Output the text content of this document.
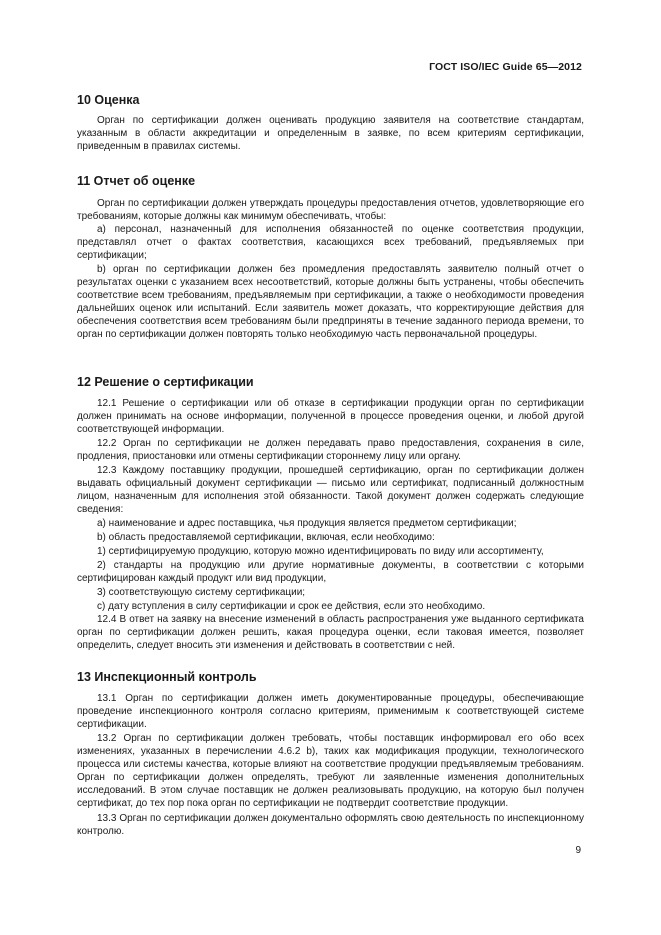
ГОСТ ISO/IEC Guide 65—2012
10 Оценка
Орган по сертификации должен оценивать продукцию заявителя на соответствие стандартам, указанным в области аккредитации и определенным в заявке, по всем критериям сертификации, приведенным в правилах системы.
11 Отчет об оценке
Орган по сертификации должен утверждать процедуры предоставления отчетов, удовлетворяющие его требованиям, которые должны как минимум обеспечивать, чтобы:
а) персонал, назначенный для исполнения обязанностей по оценке соответствия продукции, представлял отчет о фактах соответствия, касающихся всех требований, предъявляемых при сертификации;
b) орган по сертификации должен без промедления предоставлять заявителю полный отчет о результатах оценки с указанием всех несоответствий, которые должны быть устранены, чтобы обеспечить соответствие всем требованиям, предъявляемым при сертификации, а также о необходимости проведения дальнейших оценок или испытаний. Если заявитель может доказать, что корректирующие действия для обеспечения соответствия всем требованиям были предприняты в течение заданного периода времени, то орган по сертификации должен повторять только необходимую часть первоначальной процедуры.
12 Решение о сертификации
12.1 Решение о сертификации или об отказе в сертификации продукции орган по сертификации должен принимать на основе информации, полученной в процессе проведения оценки, и любой другой соответствующей информации.
12.2 Орган по сертификации не должен передавать право предоставления, сохранения в силе, продления, приостановки или отмены сертификации стороннему лицу или органу.
12.3 Каждому поставщику продукции, прошедшей сертификацию, орган по сертификации должен выдавать официальный документ сертификации — письмо или сертификат, подписанный должностным лицом, назначенным для исполнения этой обязанности. Такой документ должен содержать следующие сведения:
а) наименование и адрес поставщика, чья продукция является предметом сертификации;
b) область предоставляемой сертификации, включая, если необходимо:
1) сертифицируемую продукцию, которую можно идентифицировать по виду или ассортименту,
2) стандарты на продукцию или другие нормативные документы, в соответствии с которыми сертифицирован каждый продукт или вид продукции,
3) соответствующую систему сертификации;
с) дату вступления в силу сертификации и срок ее действия, если это необходимо.
12.4 В ответ на заявку на внесение изменений в область распространения уже выданного сертификата орган по сертификации должен решить, какая процедура оценки, если таковая имеется, позволяет определить, следует вносить эти изменения и действовать в соответствии с ней.
13 Инспекционный контроль
13.1 Орган по сертификации должен иметь документированные процедуры, обеспечивающие проведение инспекционного контроля согласно критериям, применимым к соответствующей системе сертификации.
13.2 Орган по сертификации должен требовать, чтобы поставщик информировал его обо всех изменениях, указанных в перечислении 4.6.2 b), таких как модификация продукции, технологического процесса или системы качества, которые влияют на соответствие продукции предъявляемым требованиям. Орган по сертификации должен определять, требуют ли заявленные изменения дополнительных исследований. В этом случае поставщик не должен реализовывать продукцию, на которую был получен сертификат, до тех пор пока орган по сертификации не подтвердит соответствие продукции.
13.3 Орган по сертификации должен документально оформлять свою деятельность по инспекционному контролю.
9
